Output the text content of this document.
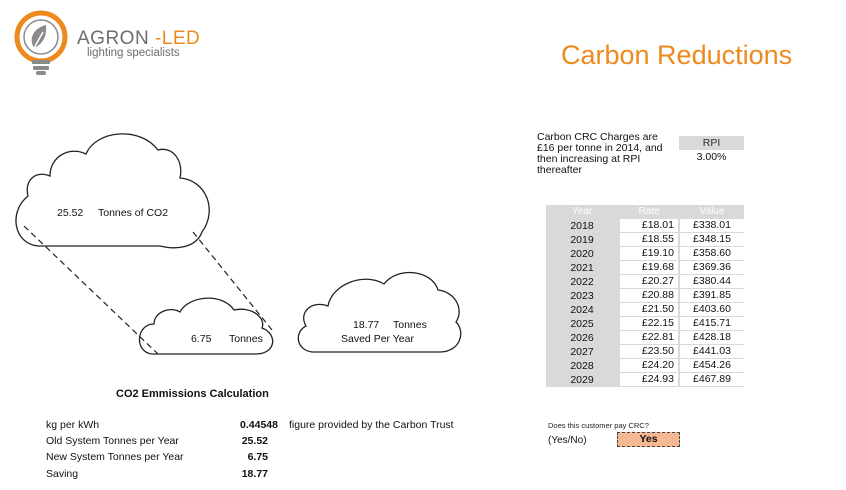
AGRON -LED
lighting specialists	Carbon Reductions
25.52 Tonnes of CO2
6.75 Tonnes
18.77 Tonnes
Saved Per Year
Carbon CRC Charges are £16 per tonne in 2014, and then increasing at RPI thereafter
RPI
3.00%
Year	Rate	Value
2018	£18.01	£338.01
2019	£18.55	£348.15
2020	£19.10	£358.60
2021	£19.68	£369.36
2022	£20.27	£380.44
2023	£20.88	£391.85
2024	£21.50	£403.60
2025	£22.15	£415.71
2026	£22.81	£428.18
2027	£23.50	£441.03
2028	£24.20	£454.26
2029	£24.93	£467.89
CO2 Emmissions Calculation
kg per kWh	0.44548
Old System Tonnes per Year	25.52
New System Tonnes per Year	6.75
Saving	18.77
figure provided by the Carbon Trust	Does this customer pay CRC?
(Yes/No)	Yes
